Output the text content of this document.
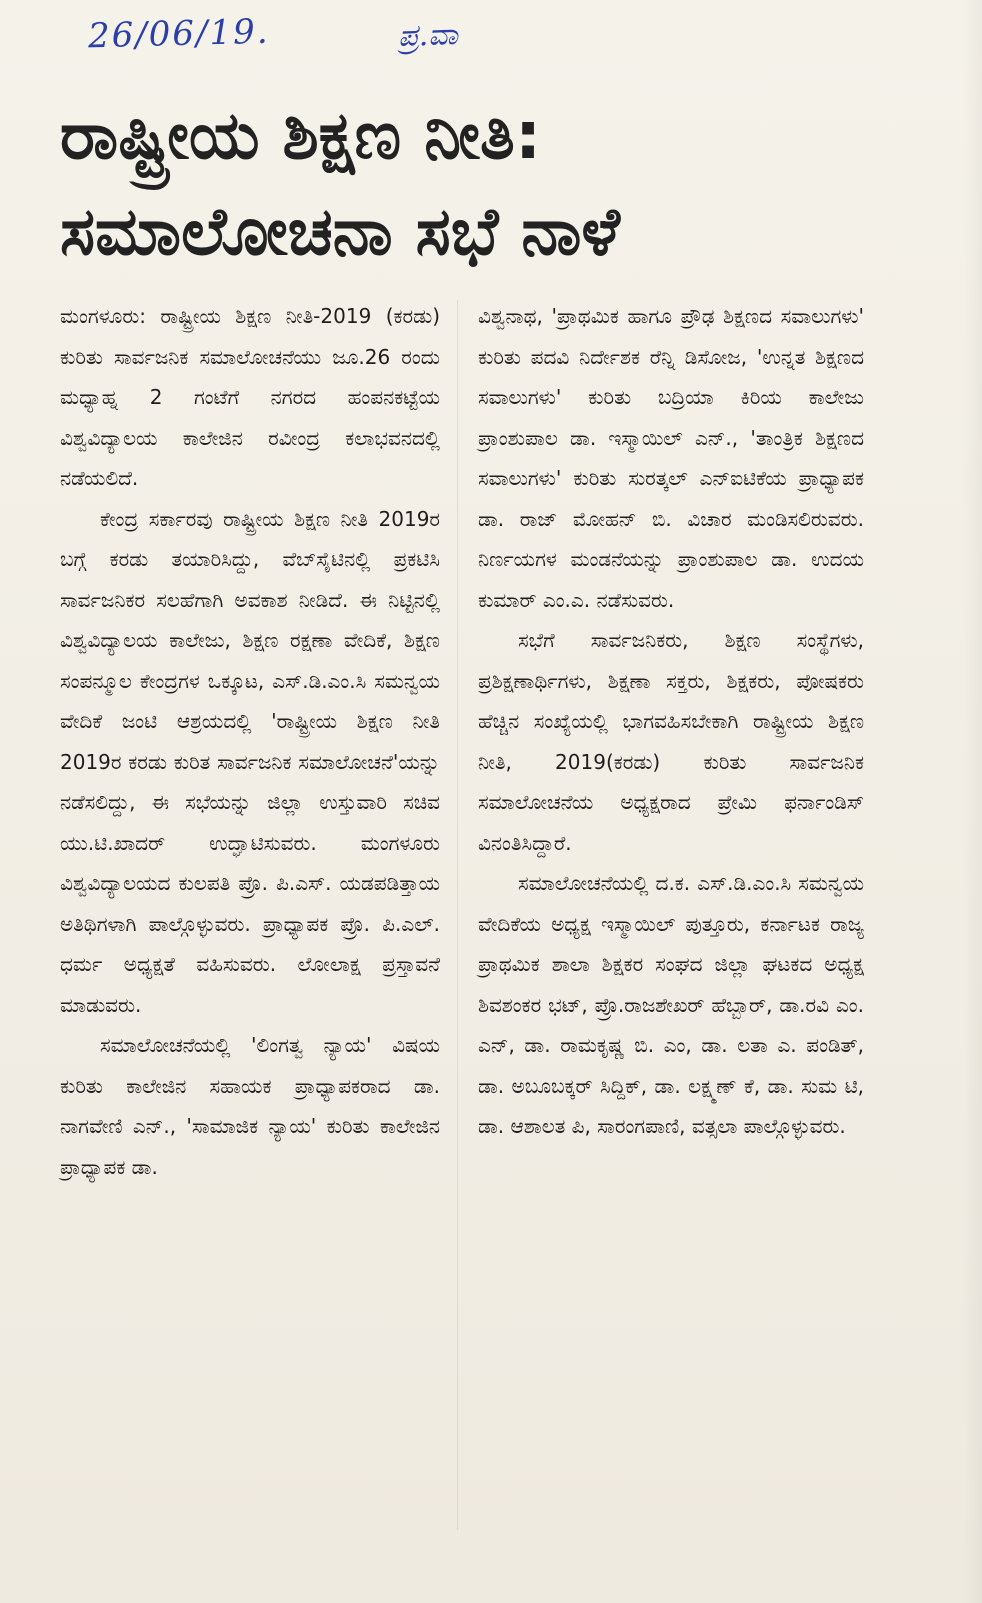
26/06/19.	ಪ್ರ.ವಾ
ರಾಷ್ಟ್ರೀಯ ಶಿಕ್ಷಣ ನೀತಿ:
ಸಮಾಲೋಚನಾ ಸಭೆ ನಾಳೆ

ಮಂಗಳೂರು: ರಾಷ್ಟ್ರೀಯ ಶಿಕ್ಷಣ ನೀತಿ-2019 (ಕರಡು) ಕುರಿತು ಸಾರ್ವಜನಿಕ ಸಮಾಲೋಚನೆಯು ಜೂ.26 ರಂದು ಮಧ್ಯಾಹ್ನ 2 ಗಂಟೆಗೆ ನಗರದ ಹಂಪನಕಟ್ಟೆಯ ವಿಶ್ವವಿದ್ಯಾಲಯ ಕಾಲೇಜಿನ ರವೀಂದ್ರ ಕಲಾಭವನದಲ್ಲಿ ನಡೆಯಲಿದೆ.

ಕೇಂದ್ರ ಸರ್ಕಾರವು ರಾಷ್ಟ್ರೀಯ ಶಿಕ್ಷಣ ನೀತಿ 2019ರ ಬಗ್ಗೆ ಕರಡು ತಯಾರಿಸಿದ್ದು, ವೆಬ್‌ಸೈಟಿನಲ್ಲಿ ಪ್ರಕಟಿಸಿ ಸಾರ್ವಜನಿಕರ ಸಲಹೆಗಾಗಿ ಅವಕಾಶ ನೀಡಿದೆ. ಈ ನಿಟ್ಟಿನಲ್ಲಿ ವಿಶ್ವವಿದ್ಯಾಲಯ ಕಾಲೇಜು, ಶಿಕ್ಷಣ ರಕ್ಷಣಾ ವೇದಿಕೆ, ಶಿಕ್ಷಣ ಸಂಪನ್ಮೂಲ ಕೇಂದ್ರಗಳ ಒಕ್ಕೂಟ, ಎಸ್.ಡಿ.ಎಂ.ಸಿ ಸಮನ್ವಯ ವೇದಿಕೆ ಜಂಟಿ ಆಶ್ರಯದಲ್ಲಿ 'ರಾಷ್ಟ್ರೀಯ ಶಿಕ್ಷಣ ನೀತಿ 2019ರ ಕರಡು ಕುರಿತ ಸಾರ್ವಜನಿಕ ಸಮಾಲೋಚನೆ'ಯನ್ನು ನಡೆಸಲಿದ್ದು, ಈ ಸಭೆಯನ್ನು ಜಿಲ್ಲಾ ಉಸ್ತುವಾರಿ ಸಚಿವ ಯು.ಟಿ.ಖಾದರ್ ಉದ್ಘಾಟಿಸುವರು. ಮಂಗಳೂರು ವಿಶ್ವವಿದ್ಯಾಲಯದ ಕುಲಪತಿ ಪ್ರೊ. ಪಿ.ಎಸ್. ಯಡಪಡಿತ್ತಾಯ ಅತಿಥಿಗಳಾಗಿ ಪಾಲ್ಗೊಳ್ಳುವರು. ಪ್ರಾಧ್ಯಾಪಕ ಪ್ರೊ. ಪಿ.ಎಲ್. ಧರ್ಮ ಅಧ್ಯಕ್ಷತೆ ವಹಿಸುವರು. ಲೋಲಾಕ್ಷ ಪ್ರಸ್ತಾವನೆ ಮಾಡುವರು.

ಸಮಾಲೋಚನೆಯಲ್ಲಿ 'ಲಿಂಗತ್ವ ನ್ಯಾಯ' ವಿಷಯ ಕುರಿತು ಕಾಲೇಜಿನ ಸಹಾಯಕ ಪ್ರಾಧ್ಯಾಪಕರಾದ ಡಾ. ನಾಗವೇಣಿ ಎನ್., 'ಸಾಮಾಜಿಕ ನ್ಯಾಯ' ಕುರಿತು ಕಾಲೇಜಿನ ಪ್ರಾಧ್ಯಾಪಕ ಡಾ.

ವಿಶ್ವನಾಥ, 'ಪ್ರಾಥಮಿಕ ಹಾಗೂ ಪ್ರೌಢ ಶಿಕ್ಷಣದ ಸವಾಲುಗಳು' ಕುರಿತು ಪದವಿ ನಿರ್ದೇಶಕ ರೆನ್ನಿ ಡಿಸೋಜ, 'ಉನ್ನತ ಶಿಕ್ಷಣದ ಸವಾಲುಗಳು' ಕುರಿತು ಬದ್ರಿಯಾ ಕಿರಿಯ ಕಾಲೇಜು ಪ್ರಾಂಶುಪಾಲ ಡಾ. ಇಸ್ಮಾಯಿಲ್ ಎನ್., 'ತಾಂತ್ರಿಕ ಶಿಕ್ಷಣದ ಸವಾಲುಗಳು' ಕುರಿತು ಸುರತ್ಕಲ್ ಎನ್ಐಟಿಕೆಯ ಪ್ರಾಧ್ಯಾಪಕ ಡಾ. ರಾಜ್ ಮೋಹನ್ ಬಿ. ವಿಚಾರ ಮಂಡಿಸಲಿರುವರು. ನಿರ್ಣಯಗಳ ಮಂಡನೆಯನ್ನು ಪ್ರಾಂಶುಪಾಲ ಡಾ. ಉದಯ ಕುಮಾರ್ ಎಂ.ಎ. ನಡೆಸುವರು.

ಸಭೆಗೆ ಸಾರ್ವಜನಿಕರು, ಶಿಕ್ಷಣ ಸಂಸ್ಥೆಗಳು, ಪ್ರಶಿಕ್ಷಣಾರ್ಥಿಗಳು, ಶಿಕ್ಷಣಾ ಸಕ್ತರು, ಶಿಕ್ಷಕರು, ಪೋಷಕರು ಹೆಚ್ಚಿನ ಸಂಖ್ಯೆಯಲ್ಲಿ ಭಾಗವಹಿಸಬೇಕಾಗಿ ರಾಷ್ಟ್ರೀಯ ಶಿಕ್ಷಣ ನೀತಿ, 2019(ಕರಡು) ಕುರಿತು ಸಾರ್ವಜನಿಕ ಸಮಾಲೋಚನೆಯ ಅಧ್ಯಕ್ಷರಾದ ಪ್ರೇಮಿ ಫರ್ನಾಂಡಿಸ್ ವಿನಂತಿಸಿದ್ದಾರೆ.

ಸಮಾಲೋಚನೆಯಲ್ಲಿ ದ.ಕ. ಎಸ್.ಡಿ.ಎಂ.ಸಿ ಸಮನ್ವಯ ವೇದಿಕೆಯ ಅಧ್ಯಕ್ಷ ಇಸ್ಮಾಯಿಲ್ ಪುತ್ತೂರು, ಕರ್ನಾಟಕ ರಾಜ್ಯ ಪ್ರಾಥಮಿಕ ಶಾಲಾ ಶಿಕ್ಷಕರ ಸಂಘದ ಜಿಲ್ಲಾ ಘಟಕದ ಅಧ್ಯಕ್ಷ ಶಿವಶಂಕರ ಭಟ್, ಪ್ರೊ.ರಾಜಶೇಖರ್ ಹೆಬ್ಬಾರ್, ಡಾ.ರವಿ ಎಂ. ಎನ್, ಡಾ. ರಾಮಕೃಷ್ಣ ಬಿ. ಎಂ, ಡಾ. ಲತಾ ಎ. ಪಂಡಿತ್, ಡಾ. ಅಬೂಬಕ್ಕರ್ ಸಿದ್ದಿಕ್, ಡಾ. ಲಕ್ಷ್ಮಣ್ ಕೆ, ಡಾ. ಸುಮ ಟಿ, ಡಾ. ಆಶಾಲತ ಪಿ, ಸಾರಂಗಪಾಣಿ, ವತ್ಸಲಾ ಪಾಲ್ಗೊಳ್ಳುವರು.
